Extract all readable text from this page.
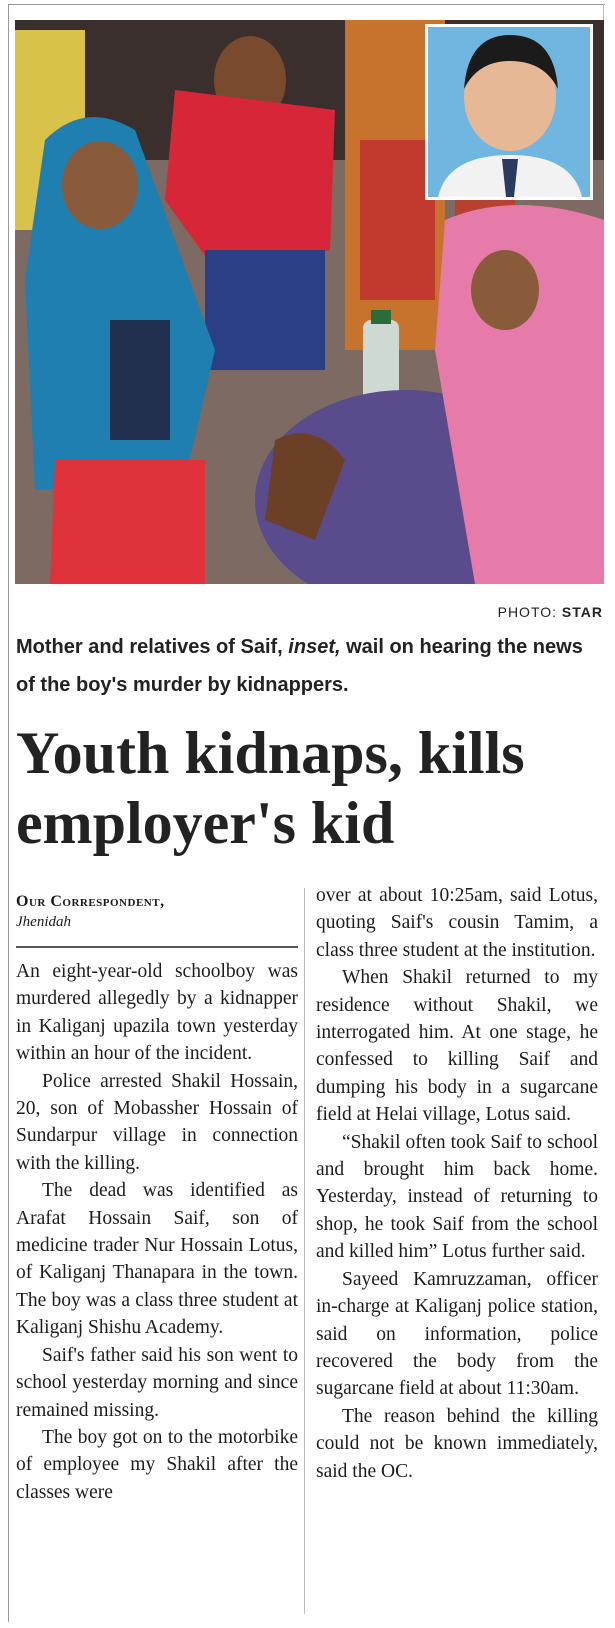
PHOTO: STAR
Mother and relatives of Saif, inset, wail on hearing the news of the boy's murder by kidnappers.
Youth kidnaps, kills employer's kid
Our Correspondent,
Jhenidah

An eight-year-old schoolboy was murdered allegedly by a kidnapper in Kaliganj upazila town yesterday within an hour of the incident.

Police arrested Shakil Hossain, 20, son of Mobassher Hossain of Sundarpur village in connection with the killing.

The dead was identified as Arafat Hossain Saif, son of medicine trader Nur Hossain Lotus, of Kaliganj Thanapara in the town. The boy was a class three student at Kaliganj Shishu Academy.

Saif's father said his son went to school yesterday morning and since remained missing.

The boy got on to the motorbike of employee my Shakil after the classes were

over at about 10:25am, said Lotus, quoting Saif's cousin Tamim, a class three student at the institution.

When Shakil returned to my residence without Shakil, we interrogated him. At one stage, he confessed to killing Saif and dumping his body in a sugarcane field at Helai village, Lotus said.

“Shakil often took Saif to school and brought him back home. Yesterday, instead of returning to shop, he took Saif from the school and killed him” Lotus further said.

Sayeed Kamruzzaman, officer in-charge at Kaliganj police station, said on information, police recovered the body from the sugarcane field at about 11:30am.

The reason behind the killing could not be known immediately, said the OC.
